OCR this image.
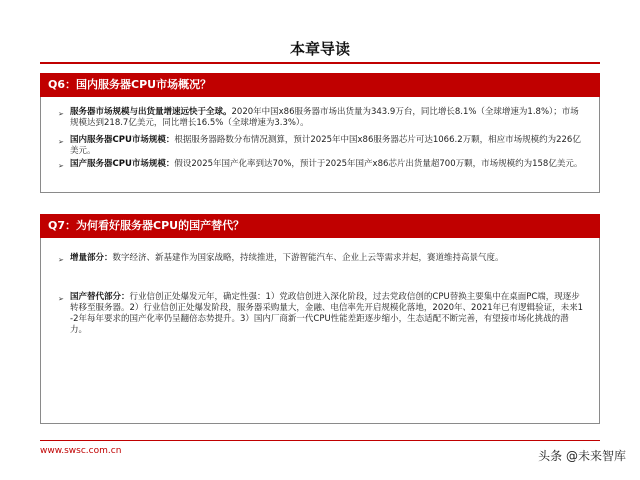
本章导读
Q6：国内服务器CPU市场概况？
➢ 服务器市场规模与出货量增速远快于全球。2020年中国x86服务器市场出货量为343.9万台，同比增长8.1%（全球增速为1.8%）；市场规模达到218.7亿美元，同比增长16.5%（全球增速为3.3%）。
➢ 国内服务器CPU市场规模：根据服务器路数分布情况测算，预计2025年中国x86服务器芯片可达1066.2万颗，相应市场规模约为226亿美元。
➢ 国产服务器CPU市场规模：假设2025年国产化率到达70%，预计于2025年国产x86芯片出货量超700万颗，市场规模约为158亿美元。
Q7：为何看好服务器CPU的国产替代？
➢ 增量部分：数字经济、新基建作为国家战略，持续推进，下游智能汽车、企业上云等需求并起，赛道维持高景气度。
➢ 国产替代部分：行业信创正处爆发元年，确定性强：1）党政信创进入深化阶段，过去党政信创的CPU替换主要集中在桌面PC端，现逐步转移至服务器。2）行业信创正处爆发阶段，服务器采购量大，金融、电信率先开启规模化落地，2020年、2021年已有逻辑验证，未来1-2年每年要求的国产化率仍呈翻倍态势提升。3）国内厂商新一代CPU性能差距逐步缩小，生态适配不断完善，有望接市场化挑战的潜力。
www.swsc.com.cn	头条 @未来智库
